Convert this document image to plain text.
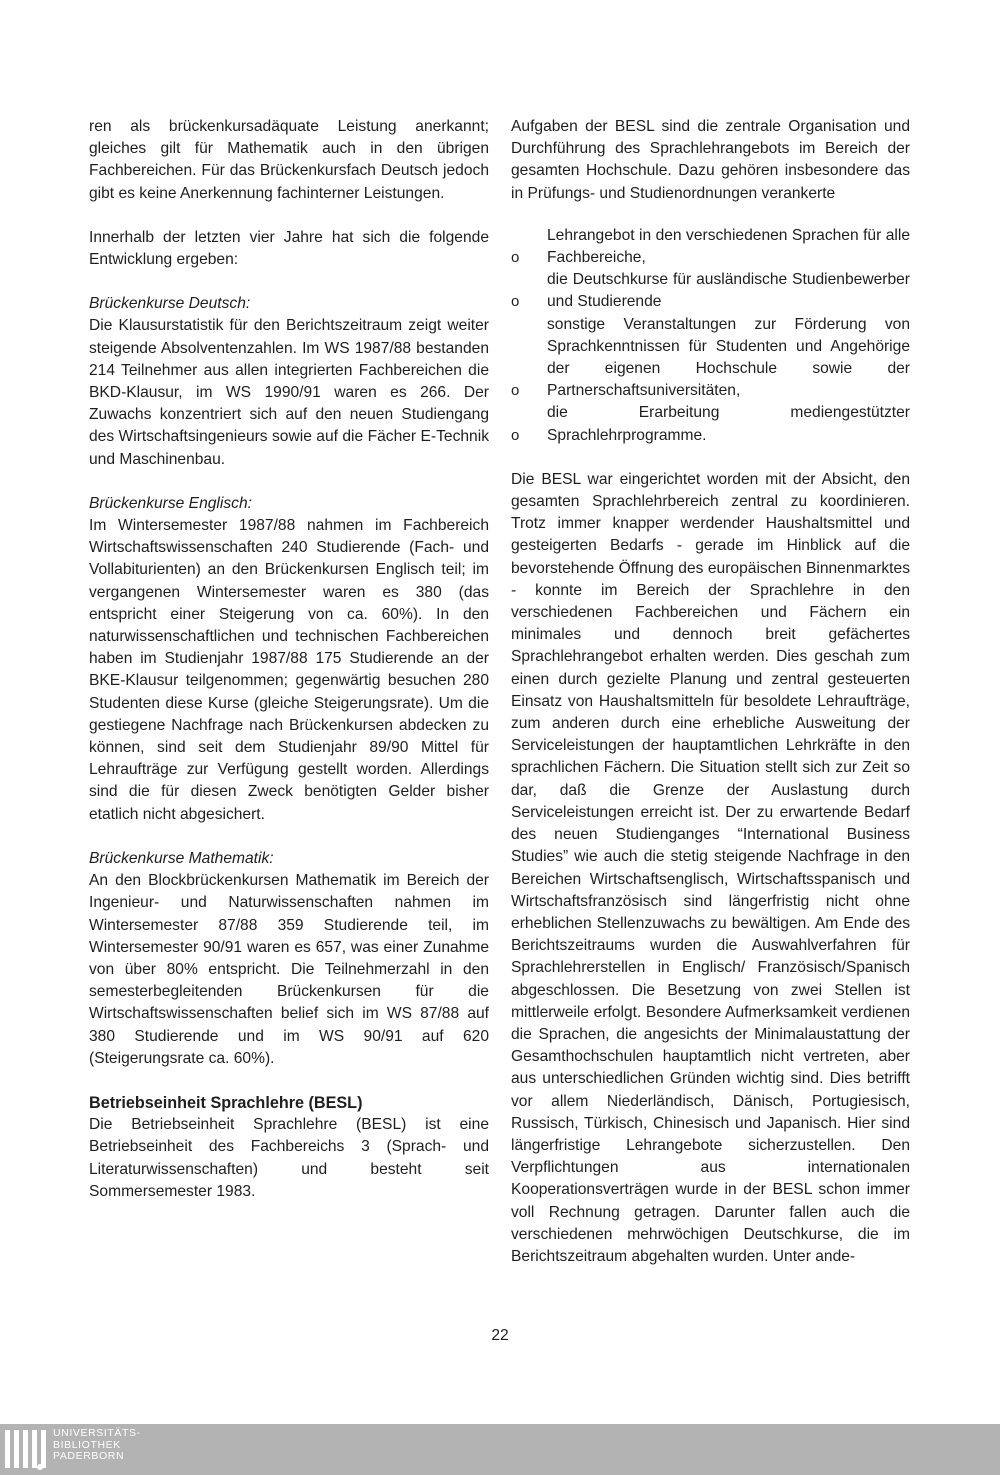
ren als brückenkursadäquate Leistung anerkannt; gleiches gilt für Mathematik auch in den übrigen Fachbereichen. Für das Brückenkursfach Deutsch jedoch gibt es keine Anerkennung fachinterner Leistungen.

Innerhalb der letzten vier Jahre hat sich die folgende Entwicklung ergeben:

Brückenkurse Deutsch:

Die Klausurstatistik für den Berichtszeitraum zeigt weiter steigende Absolventenzahlen. Im WS 1987/88 bestanden 214 Teilnehmer aus allen integrierten Fachbereichen die BKD-Klausur, im WS 1990/91 waren es 266. Der Zuwachs konzentriert sich auf den neuen Studiengang des Wirtschaftsingenieurs sowie auf die Fächer E-Technik und Maschinenbau.

Brückenkurse Englisch:

Im Wintersemester 1987/88 nahmen im Fachbereich Wirtschaftswissenschaften 240 Studierende (Fach- und Vollabiturienten) an den Brückenkursen Englisch teil; im vergangenen Wintersemester waren es 380 (das entspricht einer Steigerung von ca. 60%). In den naturwissenschaftlichen und technischen Fachbereichen haben im Studienjahr 1987/88 175 Studierende an der BKE-Klausur teilgenommen; gegenwärtig besuchen 280 Studenten diese Kurse (gleiche Steigerungsrate). Um die gestiegene Nachfrage nach Brückenkursen abdecken zu können, sind seit dem Studienjahr 89/90 Mittel für Lehraufträge zur Verfügung gestellt worden. Allerdings sind die für diesen Zweck benötigten Gelder bisher etatlich nicht abgesichert.

Brückenkurse Mathematik:

An den Blockbrückenkursen Mathematik im Bereich der Ingenieur- und Naturwissenschaften nahmen im Wintersemester 87/88 359 Studierende teil, im Wintersemester 90/91 waren es 657, was einer Zunahme von über 80% entspricht. Die Teilnehmerzahl in den semesterbegleitenden Brückenkursen für die Wirtschaftswissenschaften belief sich im WS 87/88 auf 380 Studierende und im WS 90/91 auf 620 (Steigerungsrate ca. 60%).

Betriebseinheit Sprachlehre (BESL)

Die Betriebseinheit Sprachlehre (BESL) ist eine Betriebseinheit des Fachbereichs 3 (Sprach- und Literaturwissenschaften) und besteht seit Sommersemester 1983.

Aufgaben der BESL sind die zentrale Organisation und Durchführung des Sprachlehrangebots im Bereich der gesamten Hochschule. Dazu gehören insbesondere das in Prüfungs- und Studienordnungen verankerte

o
Lehrangebot in den verschiedenen Sprachen für alle Fachbereiche,
o
die Deutschkurse für ausländische Studienbewerber und Studierende
o
sonstige Veranstaltungen zur Förderung von Sprachkenntnissen für Studenten und Angehörige der eigenen Hochschule sowie der Partnerschaftsuniversitäten,
o
die Erarbeitung mediengestützter Sprachlehrprogramme.

Die BESL war eingerichtet worden mit der Absicht, den gesamten Sprachlehrbereich zentral zu koordinieren. Trotz immer knapper werdender Haushaltsmittel und gesteigerten Bedarfs - gerade im Hinblick auf die bevorstehende Öffnung des europäischen Binnenmarktes - konnte im Bereich der Sprachlehre in den verschiedenen Fachbereichen und Fächern ein minimales und dennoch breit gefächertes Sprachlehrangebot erhalten werden. Dies geschah zum einen durch gezielte Planung und zentral gesteuerten Einsatz von Haushaltsmitteln für besoldete Lehraufträge, zum anderen durch eine erhebliche Ausweitung der Serviceleistungen der hauptamtlichen Lehrkräfte in den sprachlichen Fächern. Die Situation stellt sich zur Zeit so dar, daß die Grenze der Auslastung durch Serviceleistungen erreicht ist. Der zu erwartende Bedarf des neuen Studienganges “International Business Studies” wie auch die stetig steigende Nachfrage in den Bereichen Wirtschaftsenglisch, Wirtschaftsspanisch und Wirtschaftsfranzösisch sind längerfristig nicht ohne erheblichen Stellenzuwachs zu bewältigen. Am Ende des Berichtszeitraums wurden die Auswahlverfahren für Sprachlehrerstellen in Englisch/ Französisch/Spanisch abgeschlossen. Die Besetzung von zwei Stellen ist mittlerweile erfolgt. Besondere Aufmerksamkeit verdienen die Sprachen, die angesichts der Minimalaustattung der Gesamthochschulen hauptamtlich nicht vertreten, aber aus unterschiedlichen Gründen wichtig sind. Dies betrifft vor allem Niederländisch, Dänisch, Portugiesisch, Russisch, Türkisch, Chinesisch und Japanisch. Hier sind längerfristige Lehrangebote sicherzustellen. Den Verpflichtungen aus internationalen Kooperationsverträgen wurde in der BESL schon immer voll Rechnung getragen. Darunter fallen auch die verschiedenen mehrwöchigen Deutschkurse, die im Berichtszeitraum abgehalten wurden. Unter ande-

22
UNIVERSITÄTS-
BIBLIOTHEK
PADERBORN
